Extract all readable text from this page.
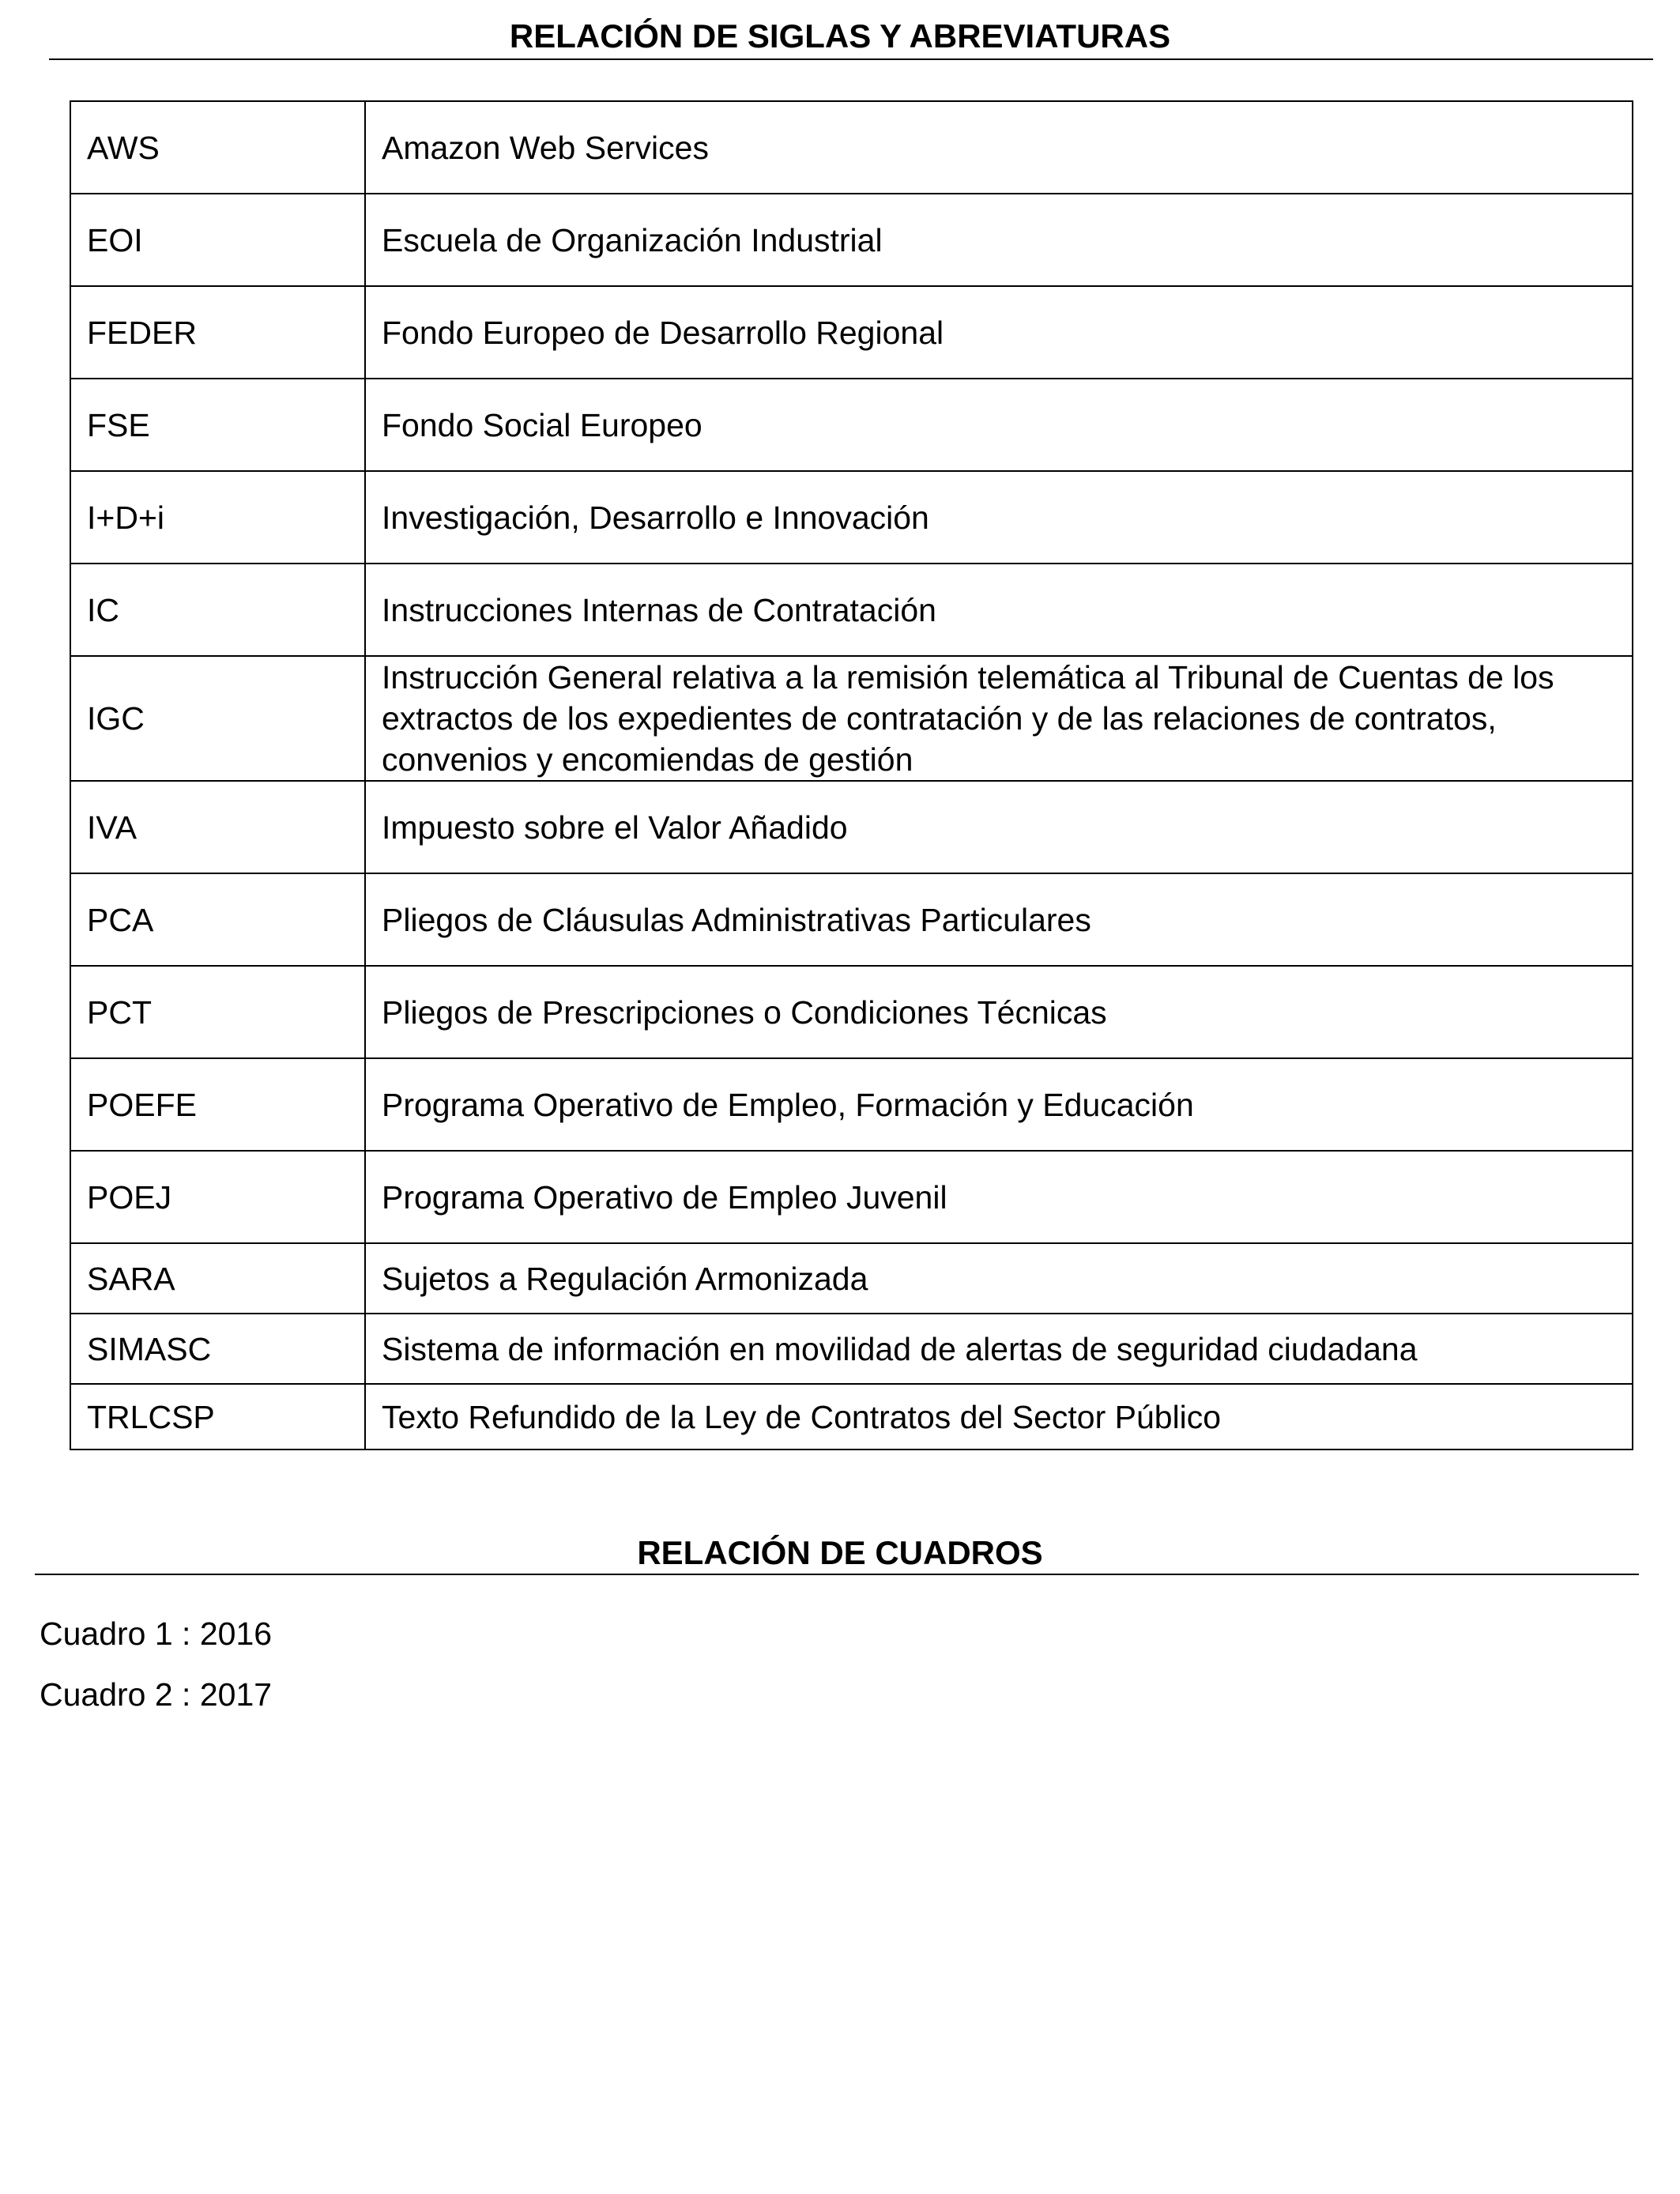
RELACIÓN DE SIGLAS Y ABREVIATURAS
AWS	Amazon Web Services
EOI	Escuela de Organización Industrial
FEDER	Fondo Europeo de Desarrollo Regional
FSE	Fondo Social Europeo
I+D+i	Investigación, Desarrollo e Innovación
IC	Instrucciones Internas de Contratación
IGC	Instrucción General relativa a la remisión telemática al Tribunal de Cuentas de los extractos de los expedientes de contratación y de las relaciones de contratos, convenios y encomiendas de gestión
IVA	Impuesto sobre el Valor Añadido
PCA	Pliegos de Cláusulas Administrativas Particulares
PCT	Pliegos de Prescripciones o Condiciones Técnicas
POEFE	Programa Operativo de Empleo, Formación y Educación
POEJ	Programa Operativo de Empleo Juvenil
SARA	Sujetos a Regulación Armonizada
SIMASC	Sistema de información en movilidad de alertas de seguridad ciudadana
TRLCSP	Texto Refundido de la Ley de Contratos del Sector Público
RELACIÓN DE CUADROS
Cuadro 1 : 2016
Cuadro 2 : 2017
